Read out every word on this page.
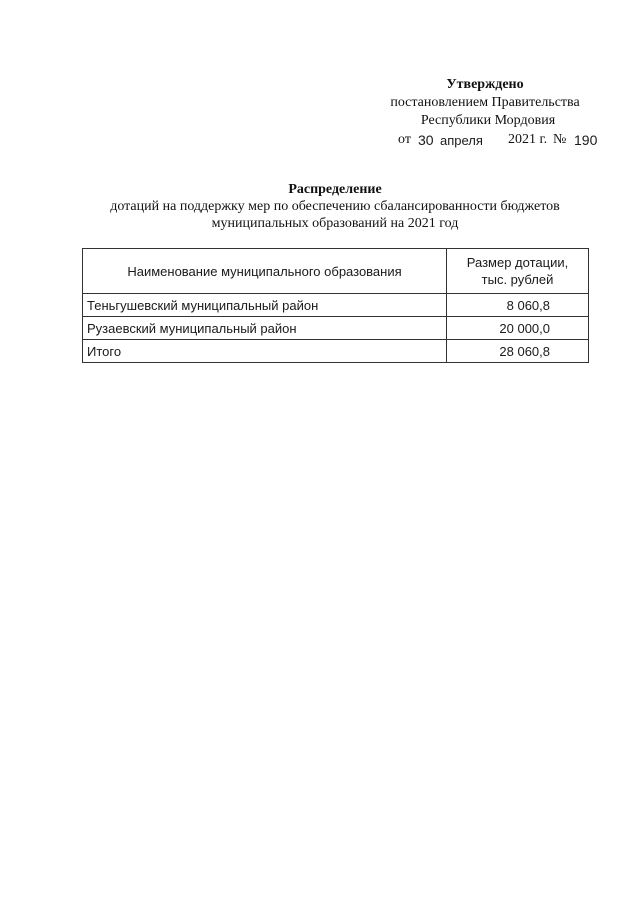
Утверждено
постановлением Правительства
Республики Мордовия
от 30 апреля 2021 г. № 190
Распределение
дотаций на поддержку мер по обеспечению сбалансированности бюджетов
муниципальных образований на 2021 год
Наименование муниципального образования	Размер дотации,
тыс. рублей
Теньгушевский муниципальный район	8 060,8
Рузаевский муниципальный район	20 000,0
Итого	28 060,8
